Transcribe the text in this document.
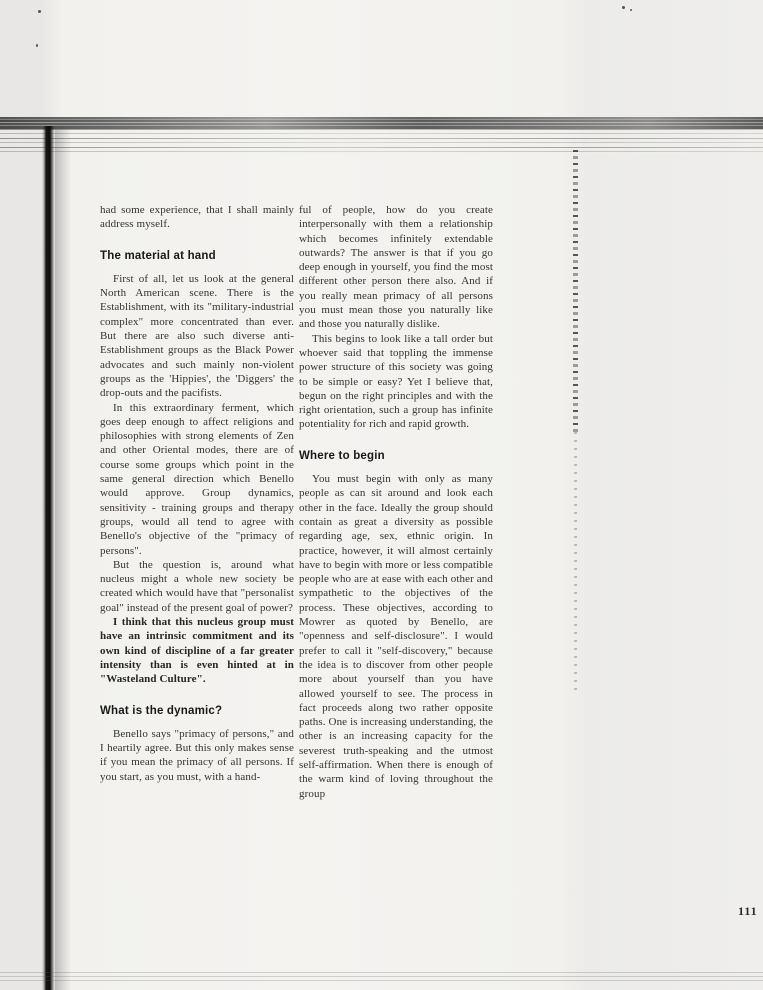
had some experience, that I shall mainly address myself.

The material at hand

First of all, let us look at the general North American scene. There is the Establishment, with its "military-industrial complex" more concentrated than ever. But there are also such diverse anti-Establishment groups as the Black Power advocates and such mainly non-violent groups as the 'Hippies', the 'Diggers' the drop-outs and the pacifists.

In this extraordinary ferment, which goes deep enough to affect religions and philosophies with strong elements of Zen and other Oriental modes, there are of course some groups which point in the same general direction which Benello would approve. Group dynamics, sensitivity - training groups and therapy groups, would all tend to agree with Benello's objective of the "primacy of persons".

But the question is, around what nucleus might a whole new society be created which would have that "personalist goal" instead of the present goal of power?

I think that this nucleus group must have an intrinsic commitment and its own kind of discipline of a far greater intensity than is even hinted at in "Wasteland Culture".

What is the dynamic?

Benello says "primacy of persons," and I heartily agree. But this only makes sense if you mean the primacy of all persons. If you start, as you must, with a hand-

ful of people, how do you create interpersonally with them a relationship which becomes infinitely extendable outwards? The answer is that if you go deep enough in yourself, you find the most different other person there also. And if you really mean primacy of all persons you must mean those you naturally like and those you naturally dislike.

This begins to look like a tall order but whoever said that toppling the immense power structure of this society was going to be simple or easy? Yet I believe that, begun on the right principles and with the right orientation, such a group has infinite potentiality for rich and rapid growth.

Where to begin

You must begin with only as many people as can sit around and look each other in the face. Ideally the group should contain as great a diversity as possible regarding age, sex, ethnic origin. In practice, however, it will almost certainly have to begin with more or less compatible people who are at ease with each other and sympathetic to the objectives of the process. These objectives, according to Mowrer as quoted by Benello, are "openness and self-disclosure". I would prefer to call it "self-discovery," because the idea is to discover from other people more about yourself than you have allowed yourself to see. The process in fact proceeds along two rather opposite paths. One is increasing understanding, the other is an increasing capacity for the severest truth-speaking and the utmost self-affirmation. When there is enough of the warm kind of loving throughout the group

111
